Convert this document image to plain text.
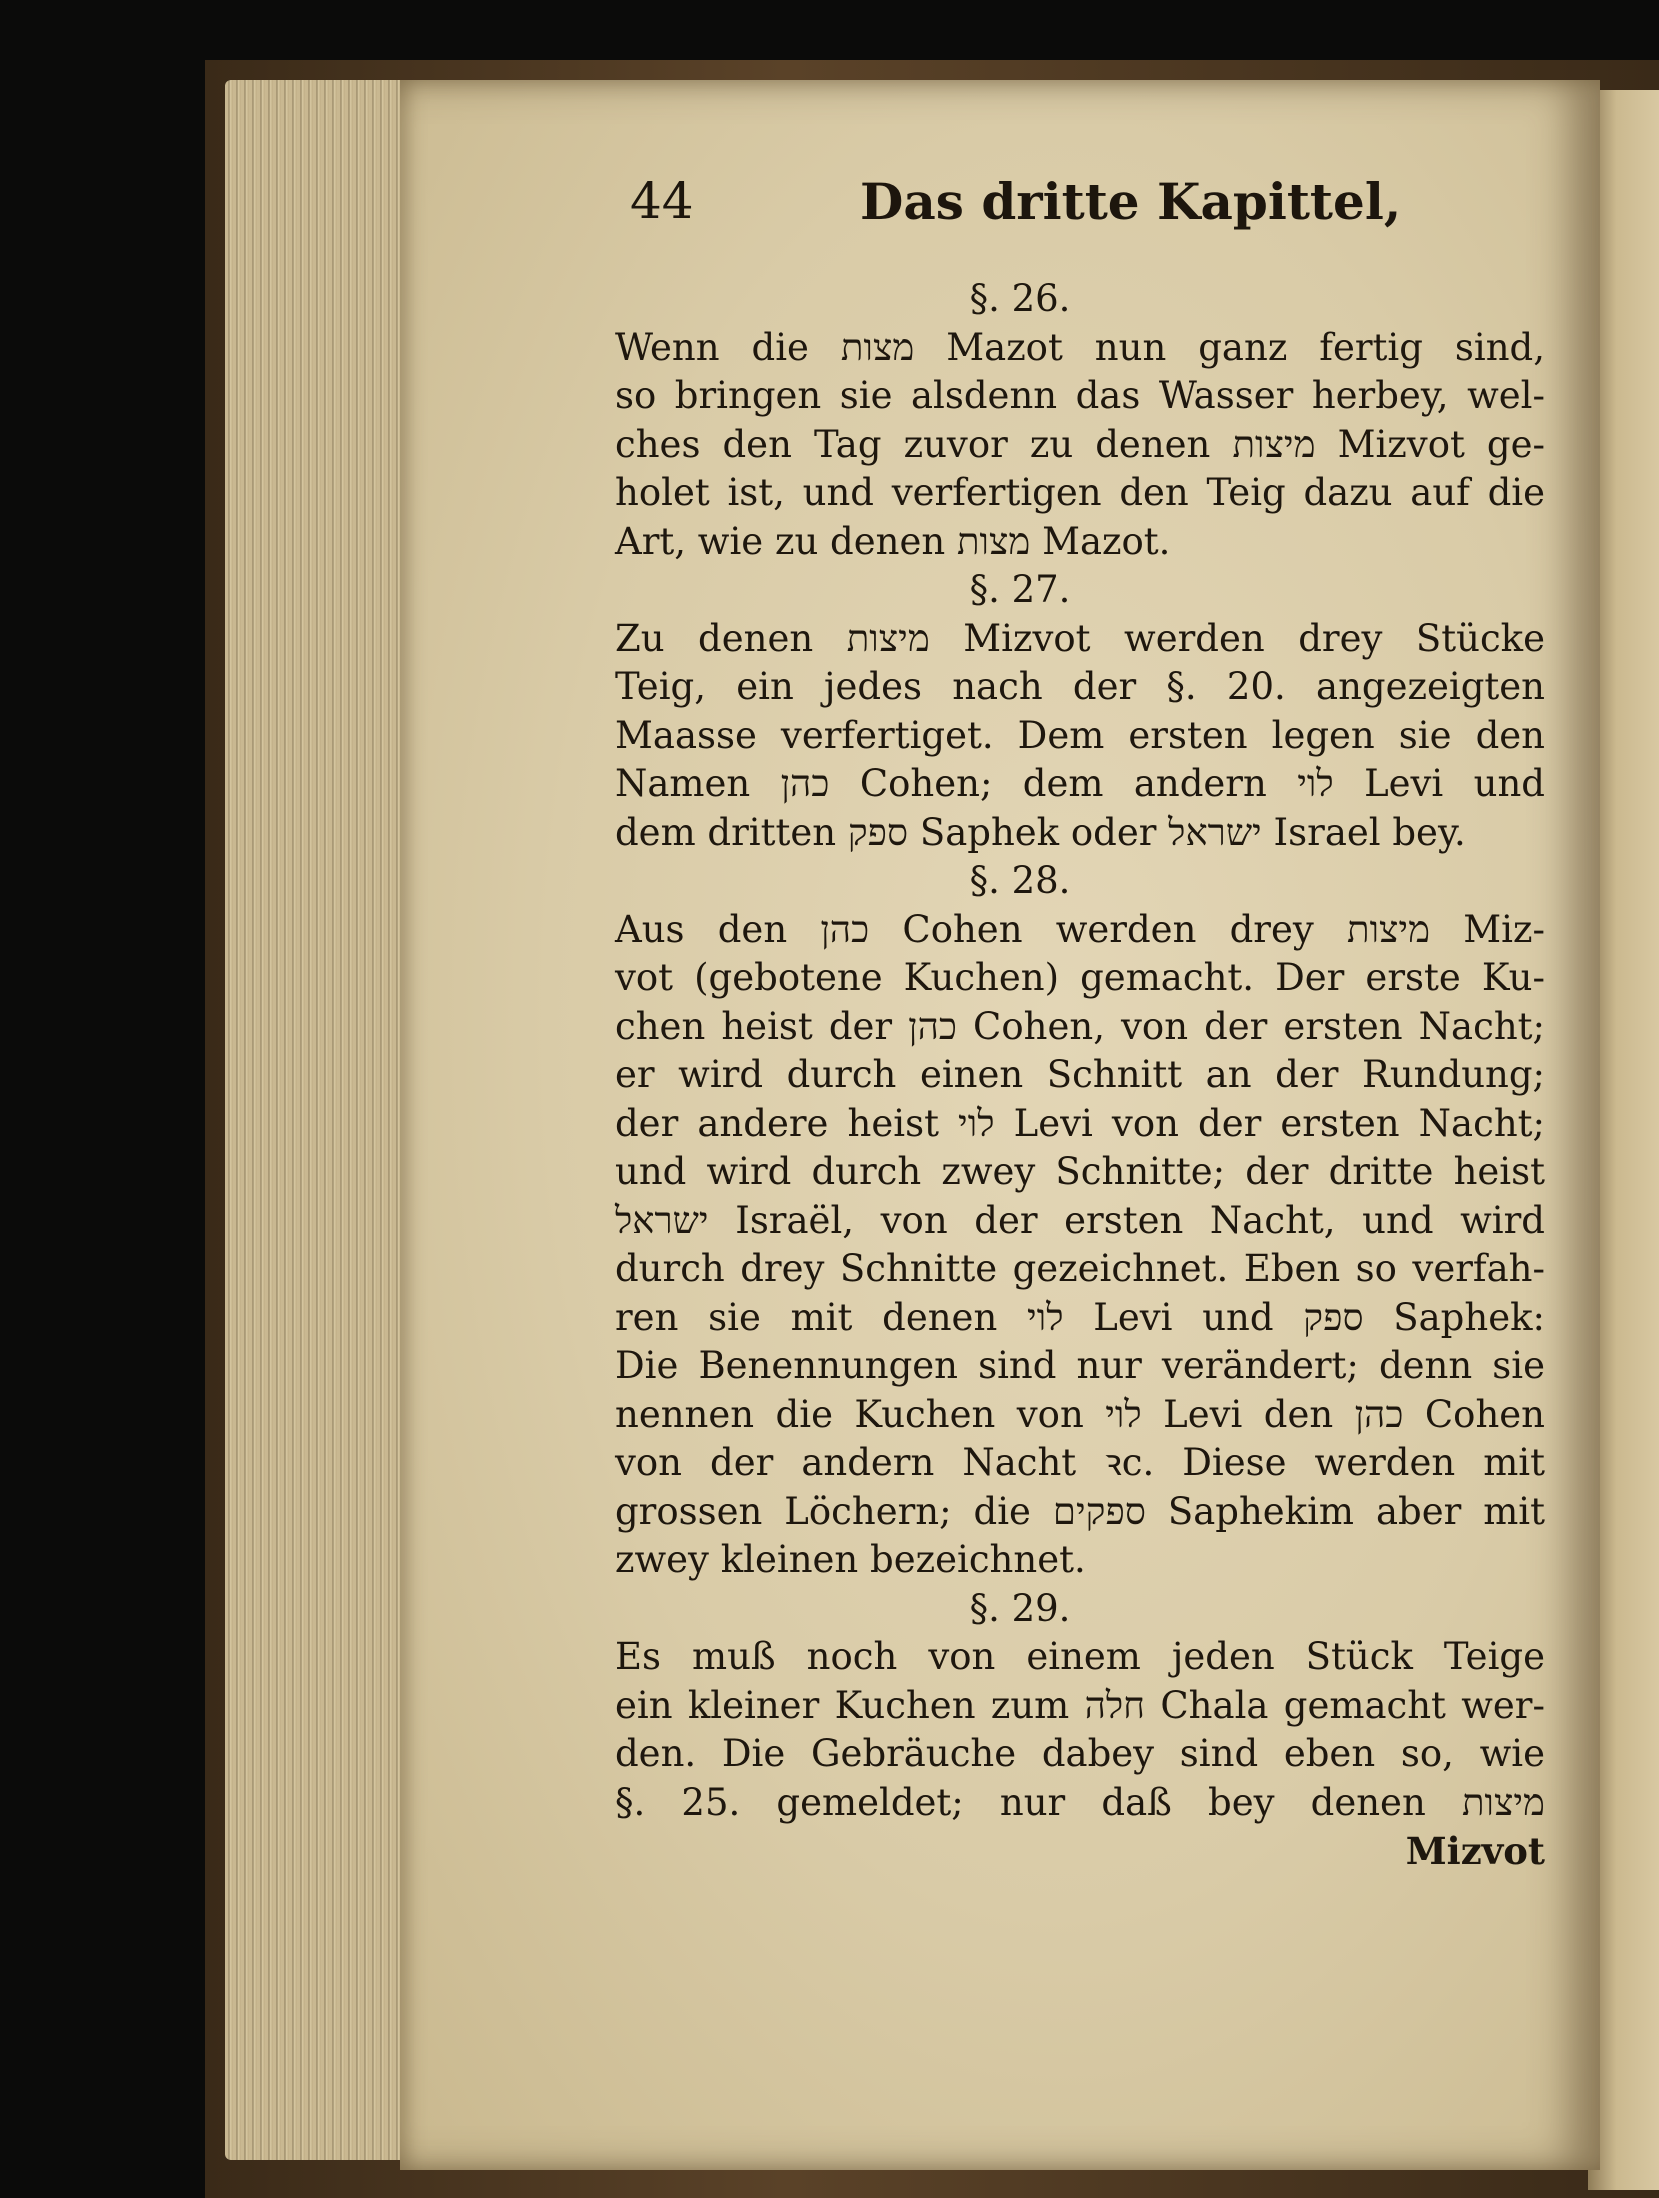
44	Das dritte Kapittel,
§. 26.
Wenn die מצות Mazot nun ganz fertig sind,
so bringen sie alsdenn das Wasser herbey, wel-
ches den Tag zuvor zu denen מיצות Mizvot ge-
holet ist, und verfertigen den Teig dazu auf die
Art, wie zu denen מצות Mazot.
§. 27.
Zu denen מיצות Mizvot werden drey Stücke
Teig, ein jedes nach der §. 20. angezeigten
Maasse verfertiget. Dem ersten legen sie den
Namen כהן Cohen; dem andern לוי Levi und
dem dritten ספק Saphek oder ישראל Israel bey.
§. 28.
Aus den כהן Cohen werden drey מיצות Miz-
vot (gebotene Kuchen) gemacht. Der erste Ku-
chen heist der כהן Cohen, von der ersten Nacht;
er wird durch einen Schnitt an der Rundung;
der andere heist לוי Levi von der ersten Nacht;
und wird durch zwey Schnitte; der dritte heist
ישראל Israël, von der ersten Nacht, und wird
durch drey Schnitte gezeichnet. Eben so verfah-
ren sie mit denen לוי Levi und ספק Saphek:
Die Benennungen sind nur verändert; denn sie
nennen die Kuchen von לוי Levi den כהן Cohen
von der andern Nacht ꝛc. Diese werden mit
grossen Löchern; die ספקים Saphekim aber mit
zwey kleinen bezeichnet.
§. 29.
Es muß noch von einem jeden Stück Teige
ein kleiner Kuchen zum חלה Chala gemacht wer-
den. Die Gebräuche dabey sind eben so, wie
§. 25. gemeldet; nur daß bey denen מיצות
Mizvot
